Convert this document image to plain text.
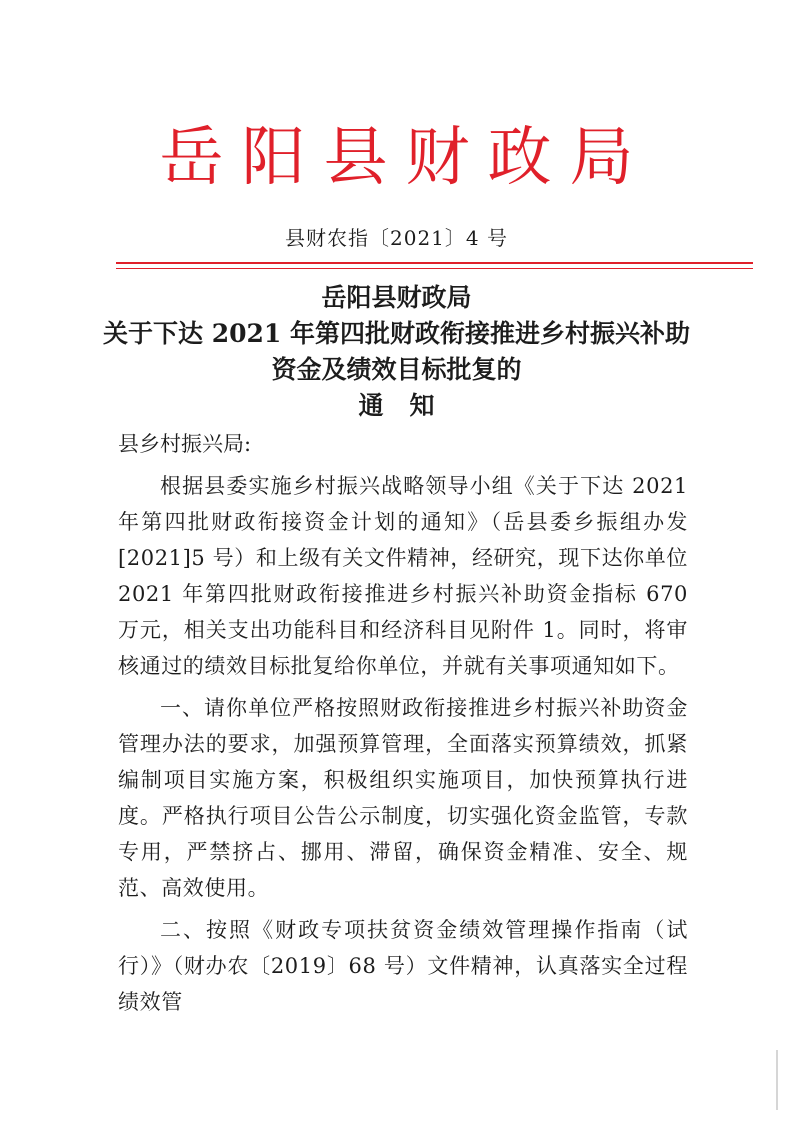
岳阳县财政局
县财农指〔2021〕4 号
岳阳县财政局
关于下达 2021 年第四批财政衔接推进乡村振兴补助
资金及绩效目标批复的
通知
县乡村振兴局:

根据县委实施乡村振兴战略领导小组《关于下达 2021 年第四批财政衔接资金计划的通知》（岳县委乡振组办发 [2021]5 号）和上级有关文件精神，经研究，现下达你单位 2021 年第四批财政衔接推进乡村振兴补助资金指标 670 万元，相关支出功能科目和经济科目见附件 1。同时，将审核通过的绩效目标批复给你单位，并就有关事项通知如下。

一、请你单位严格按照财政衔接推进乡村振兴补助资金管理办法的要求，加强预算管理，全面落实预算绩效，抓紧编制项目实施方案，积极组织实施项目，加快预算执行进度。严格执行项目公告公示制度，切实强化资金监管，专款专用，严禁挤占、挪用、滞留，确保资金精准、安全、规范、高效使用。

二、按照《财政专项扶贫资金绩效管理操作指南（试行）》（财办农〔2019〕68 号）文件精神，认真落实全过程绩效管
